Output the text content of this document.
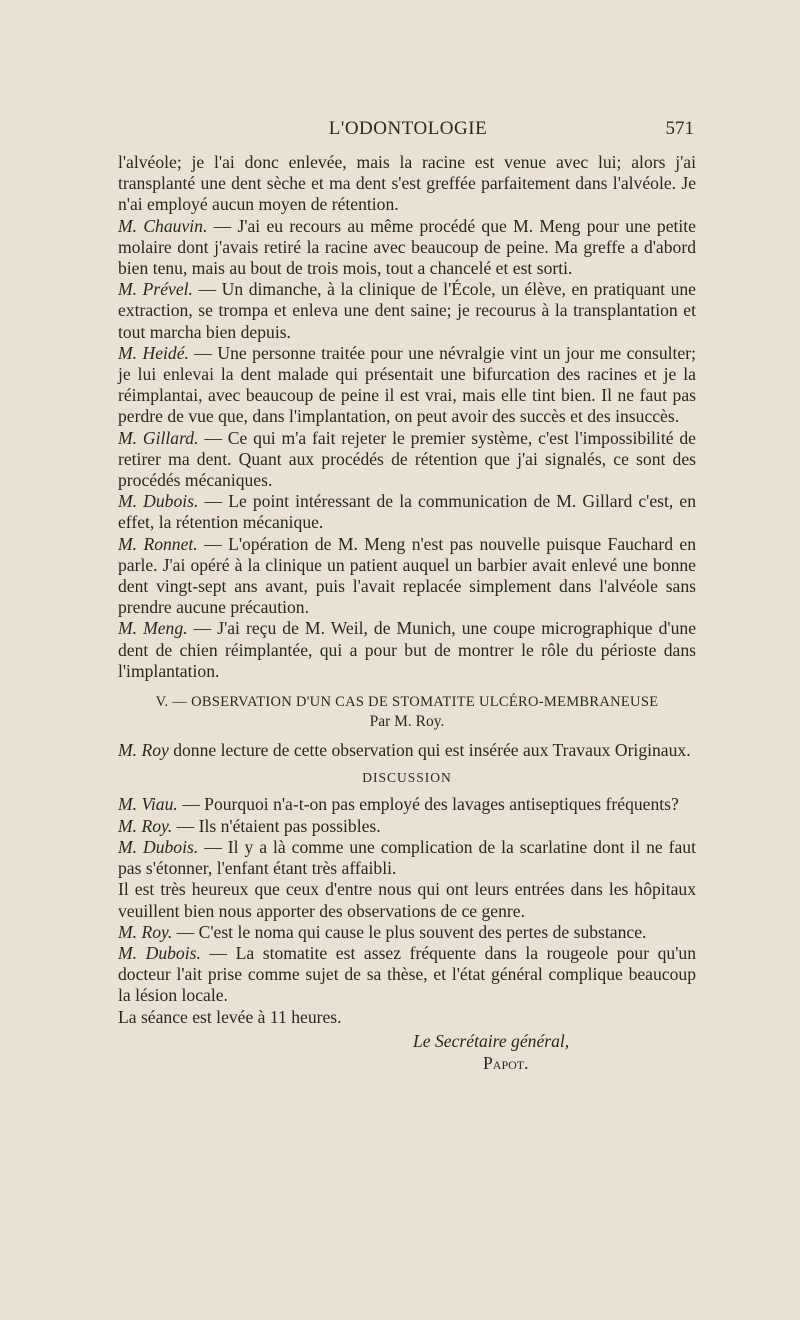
L'ODONTOLOGIE	571

l'alvéole; je l'ai donc enlevée, mais la racine est venue avec lui; alors j'ai transplanté une dent sèche et ma dent s'est greffée parfaitement dans l'alvéole. Je n'ai employé aucun moyen de rétention.

M. Chauvin. — J'ai eu recours au même procédé que M. Meng pour une petite molaire dont j'avais retiré la racine avec beaucoup de peine. Ma greffe a d'abord bien tenu, mais au bout de trois mois, tout a chancelé et est sorti.

M. Prével. — Un dimanche, à la clinique de l'École, un élève, en pratiquant une extraction, se trompa et enleva une dent saine; je recourus à la transplantation et tout marcha bien depuis.

M. Heidé. — Une personne traitée pour une névralgie vint un jour me consulter; je lui enlevai la dent malade qui présentait une bifurcation des racines et je la réimplantai, avec beaucoup de peine il est vrai, mais elle tint bien. Il ne faut pas perdre de vue que, dans l'implantation, on peut avoir des succès et des insuccès.

M. Gillard. — Ce qui m'a fait rejeter le premier système, c'est l'impossibilité de retirer ma dent. Quant aux procédés de rétention que j'ai signalés, ce sont des procédés mécaniques.

M. Dubois. — Le point intéressant de la communication de M. Gillard c'est, en effet, la rétention mécanique.

M. Ronnet. — L'opération de M. Meng n'est pas nouvelle puisque Fauchard en parle. J'ai opéré à la clinique un patient auquel un barbier avait enlevé une bonne dent vingt-sept ans avant, puis l'avait replacée simplement dans l'alvéole sans prendre aucune précaution.

M. Meng. — J'ai reçu de M. Weil, de Munich, une coupe micrographique d'une dent de chien réimplantée, qui a pour but de montrer le rôle du périoste dans l'implantation.

V. — OBSERVATION D'UN CAS DE STOMATITE ULCÉRO-MEMBRANEUSE
Par M. Roy.

M. Roy donne lecture de cette observation qui est insérée aux Travaux Originaux.

DISCUSSION

M. Viau. — Pourquoi n'a-t-on pas employé des lavages antiseptiques fréquents?

M. Roy. — Ils n'étaient pas possibles.

M. Dubois. — Il y a là comme une complication de la scarlatine dont il ne faut pas s'étonner, l'enfant étant très affaibli.

Il est très heureux que ceux d'entre nous qui ont leurs entrées dans les hôpitaux veuillent bien nous apporter des observations de ce genre.

M. Roy. — C'est le noma qui cause le plus souvent des pertes de substance.

M. Dubois. — La stomatite est assez fréquente dans la rougeole pour qu'un docteur l'ait prise comme sujet de sa thèse, et l'état général complique beaucoup la lésion locale.

La séance est levée à 11 heures.

Le Secrétaire général,
Papot.
